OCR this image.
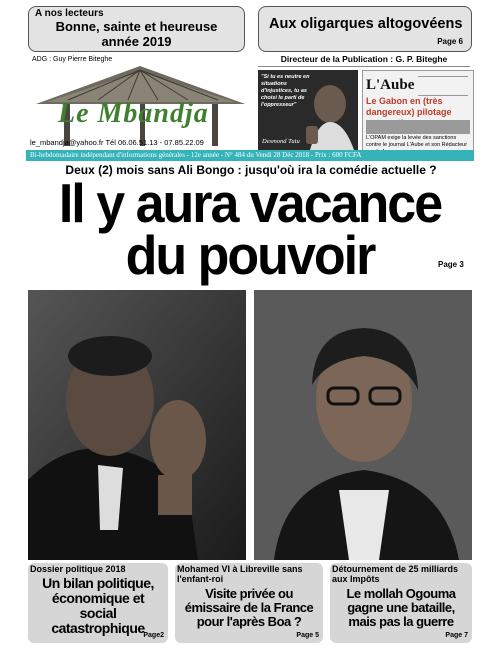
A nos lecteurs
Bonne, sainte et heureuse année 2019
Aux oligarques altogovéens
Page 6
ADG : Guy Pierre Biteghe
Le Mbandja
le_mbandja@yahoo.fr Tél 06.06.51.13 - 07.85.22.09
Directeur de la Publication : G. P. Biteghe
"Si tu es neutre en situations d'injustices, tu as choisi le parti de l'oppresseur"
Desmond Tutu
L'Aube
Le Gabon en (très dangereux) pilotage
L'OPAM exige la levée des sanctions contre le journal L'Aube et son Rédacteur
Bi-hebdomadaire indépendant d'informations générales - 12e année - N° 484 du Vendi 28 Déc 2018 - Prix : 600 FCFA
Deux (2) mois sans Ali Bongo : jusqu'où ira la comédie actuelle ?
Il y aura vacance
du pouvoir	Page 3
Dossier politique 2018
Un bilan politique, économique et social catastrophique
Page2
Mohamed VI à Libreville sans l'enfant-roi
Visite privée ou émissaire de la France pour l'après Boa ?
Page 5
Détournement de 25 milliards aux Impôts
Le mollah Ogouma gagne une bataille, mais pas la guerre
Page 7
